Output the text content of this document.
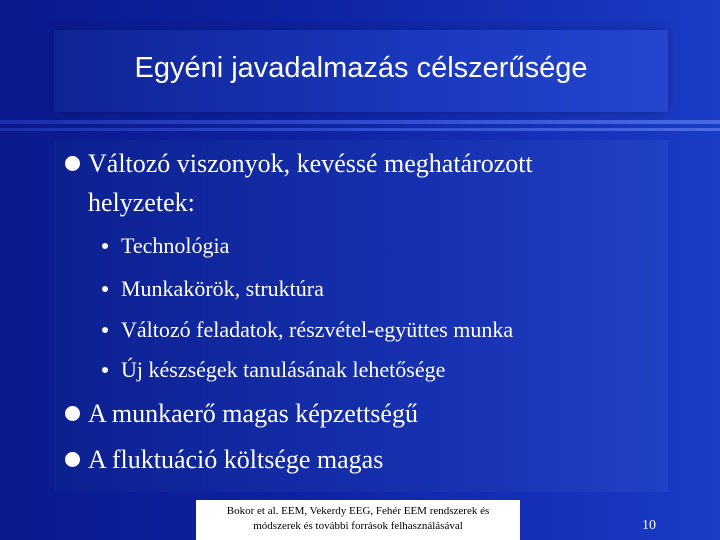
Egyéni javadalmazás célszerűsége
Változó viszonyok, kevéssé meghatározott
helyzetek:
Technológia
Munkakörök, struktúra
Változó feladatok, részvétel-együttes munka
Új készségek tanulásának lehetősége
A munkaerő magas képzettségű
A fluktuáció költsége magas
Bokor et al. EEM, Vekerdy EEG, Fehér EEM rendszerek és
módszerek és további források felhasználásával	10
